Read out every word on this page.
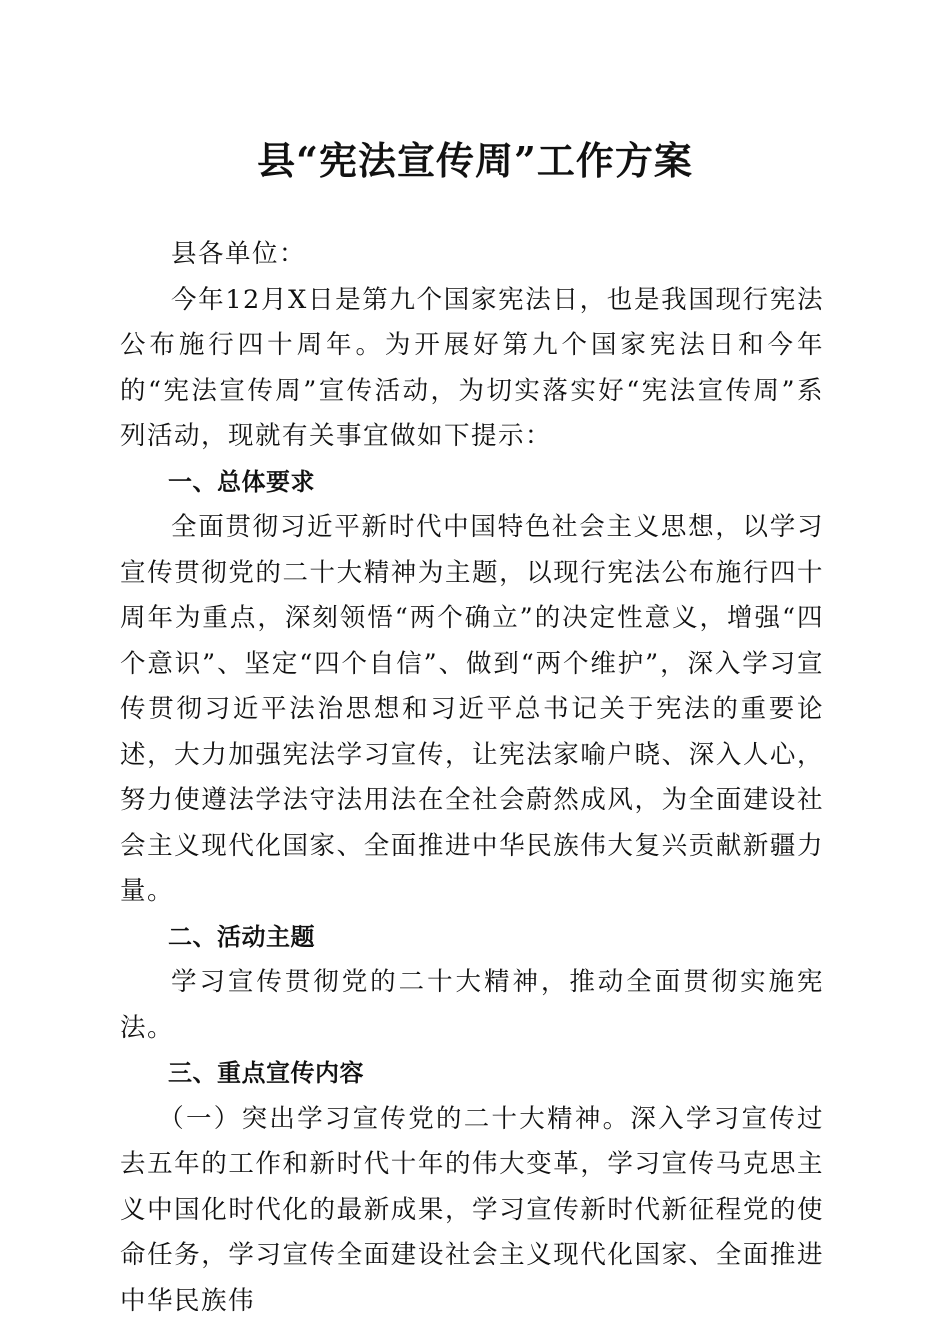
县“宪法宣传周”工作方案

县各单位：

今年12月X日是第九个国家宪法日，也是我国现行宪法公布施行四十周年。为开展好第九个国家宪法日和今年的“宪法宣传周”宣传活动，为切实落实好“宪法宣传周”系列活动，现就有关事宜做如下提示：

一、总体要求

全面贯彻习近平新时代中国特色社会主义思想，以学习宣传贯彻党的二十大精神为主题，以现行宪法公布施行四十周年为重点，深刻领悟“两个确立”的决定性意义，增强“四个意识”、坚定“四个自信”、做到“两个维护”，深入学习宣传贯彻习近平法治思想和习近平总书记关于宪法的重要论述，大力加强宪法学习宣传，让宪法家喻户晓、深入人心，努力使遵法学法守法用法在全社会蔚然成风，为全面建设社会主义现代化国家、全面推进中华民族伟大复兴贡献新疆力量。

二、活动主题

学习宣传贯彻党的二十大精神，推动全面贯彻实施宪法。

三、重点宣传内容

（一）突出学习宣传党的二十大精神。深入学习宣传过去五年的工作和新时代十年的伟大变革，学习宣传马克思主义中国化时代化的最新成果，学习宣传新时代新征程党的使命任务，学习宣传全面建设社会主义现代化国家、全面推进中华民族伟
